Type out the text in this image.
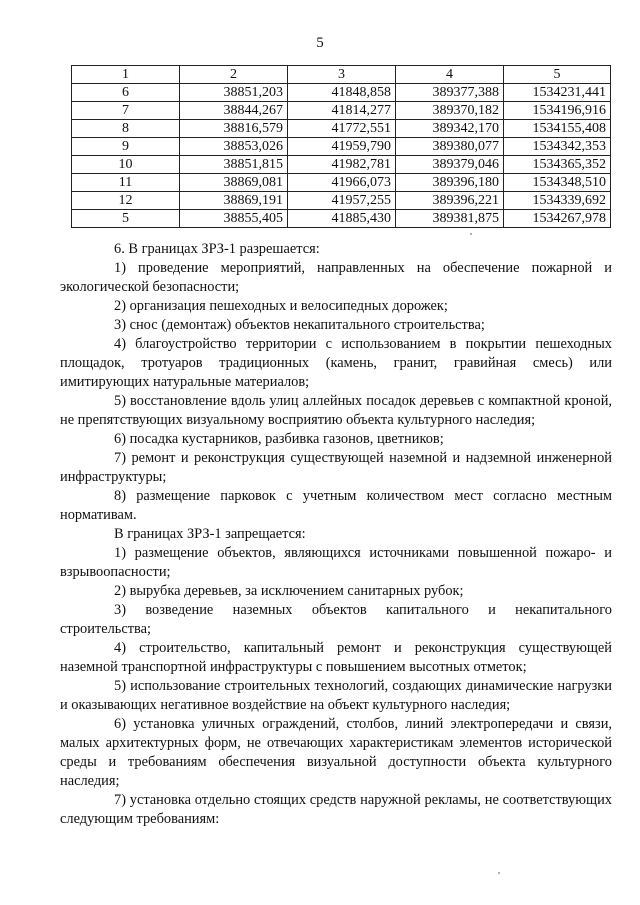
5
1	2	3	4	5
6	38851,203	41848,858	389377,388	1534231,441
7	38844,267	41814,277	389370,182	1534196,916
8	38816,579	41772,551	389342,170	1534155,408
9	38853,026	41959,790	389380,077	1534342,353
10	38851,815	41982,781	389379,046	1534365,352
11	38869,081	41966,073	389396,180	1534348,510
12	38869,191	41957,255	389396,221	1534339,692
5	38855,405	41885,430	389381,875	1534267,978

6. В границах ЗРЗ-1 разрешается:

1) проведение мероприятий, направленных на обеспечение пожарной и экологической безопасности;

2) организация пешеходных и велосипедных дорожек;

3) снос (демонтаж) объектов некапитального строительства;

4) благоустройство территории с использованием в покрытии пешеходных площадок, тротуаров традиционных (камень, гранит, гравийная смесь) или имитирующих натуральные материалов;

5) восстановление вдоль улиц аллейных посадок деревьев с компактной кроной, не препятствующих визуальному восприятию объекта культурного наследия;

6) посадка кустарников, разбивка газонов, цветников;

7) ремонт и реконструкция существующей наземной и надземной инженерной инфраструктуры;

8) размещение парковок с учетным количеством мест согласно местным нормативам.

В границах ЗРЗ-1 запрещается:

1) размещение объектов, являющихся источниками повышенной пожаро- и взрывоопасности;

2) вырубка деревьев, за исключением санитарных рубок;

3) возведение наземных объектов капитального и некапитального строительства;

4) строительство, капитальный ремонт и реконструкция существующей наземной транспортной инфраструктуры с повышением высотных отметок;

5) использование строительных технологий, создающих динамические нагрузки и оказывающих негативное воздействие на объект культурного наследия;

6) установка уличных ограждений, столбов, линий электропередачи и связи, малых архитектурных форм, не отвечающих характеристикам элементов исторической среды и требованиям обеспечения визуальной доступности объекта культурного наследия;

7) установка отдельно стоящих средств наружной рекламы, не соответствующих следующим требованиям:
